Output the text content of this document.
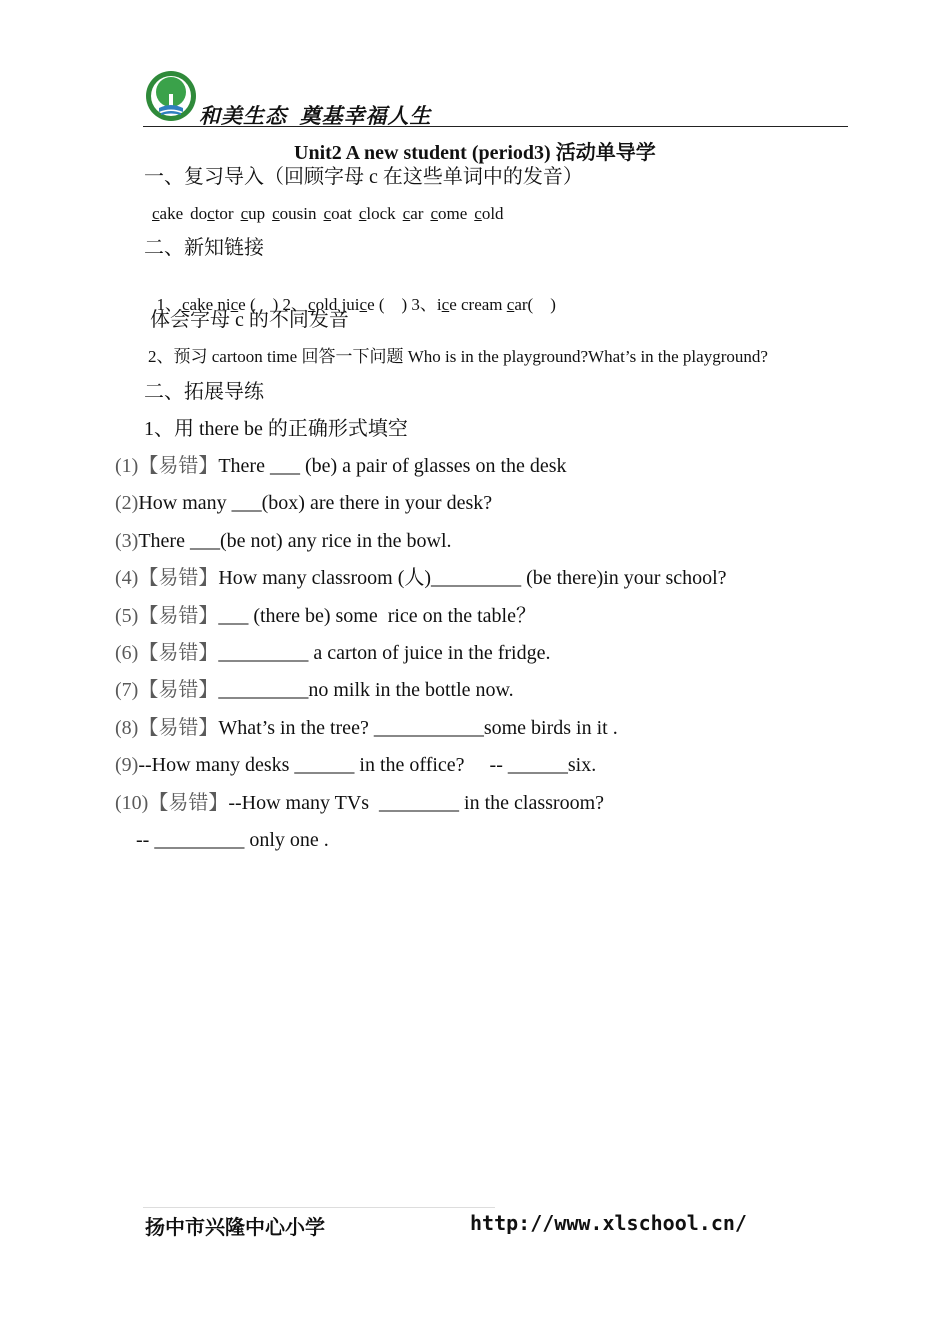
和美生态  奠基幸福人生
Unit2 A new student (period3) 活动单导学
一、复习导入（回顾字母 c 在这些单词中的发音）
cake doctor cup cousin coat clock car come cold
二、新知链接

1、cake nice (    ) 2、cold juice (    ) 3、ice cream car(    )

体会字母 c 的不同发音
2、预习 cartoon time 回答一下问题 Who is in the playground?What’s in the playground?
二、拓展导练
1、用 there be 的正确形式填空
(1)【易错】There ___ (be) a pair of glasses on the desk
(2)How many ___(box) are there in your desk?
(3)There ___(be not) any rice in the bowl.
(4)【易错】How many classroom (人)_________ (be there)in your school?
(5)【易错】___ (there be) some  rice on the table？
(6)【易错】_________ a carton of juice in the fridge.
(7)【易错】_________no milk in the bottle now.
(8)【易错】What’s in the tree? ___________some birds in it .
(9)--How many desks ______ in the office?     -- ______six.
(10)【易错】--How many TVs  ________ in the classroom?
-- _________ only one .
扬中市兴隆中心小学	http://www.xlschool.cn/
